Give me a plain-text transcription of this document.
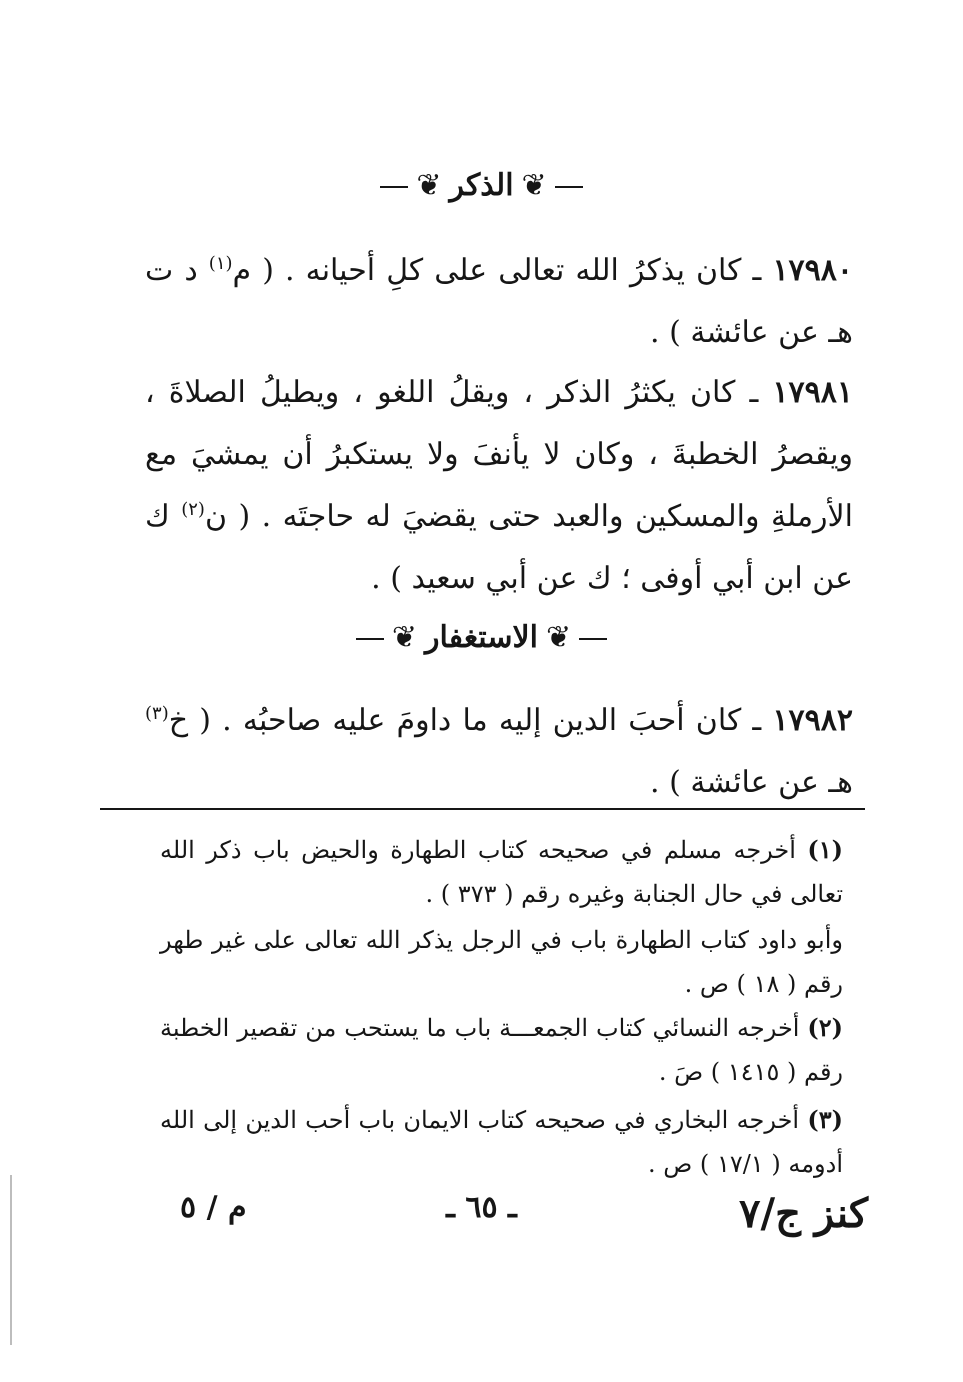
❦الذكر❦
١٧٩٨٠ ـ كان يذكرُ الله تعالى على كلِ أحيانه . ( م$^{(١)}$ د ت هـ عن عائشة ) .
١٧٩٨١ ـ كان يكثرُ الذكر ، ويقلُ اللغو ، ويطيلُ الصلاةَ ، ويقصرُ الخطبةَ ، وكان لا يأنفَ ولا يستكبرُ أن يمشيَ مع الأرملةِ والمسكين والعبد حتى يقضيَ له حاجتَه . ( ن$^{(٢)}$ ك عن ابن أبي أوفى ؛ ك عن أبي سعيد ) .
❦الاستغفار❦
١٧٩٨٢ ـ كان أحبَ الدين إليه ما داومَ عليه صاحبُه . ( خ$^{(٣)}$ هـ عن عائشة ) .
(١) أخرجه مسلم في صحيحه كتاب الطهارة والحيض باب ذكر الله تعالى في حال الجنابة وغيره رقم ( ٣٧٣ ) .
وأبو داود كتاب الطهارة باب في الرجل يذكر الله تعالى على غير طهر رقم ( ١٨ ) ص .
(٢) أخرجه النسائي كتاب الجمعـــة باب ما يستحب من تقصير الخطبة رقم ( ١٤١٥ ) صَ .
(٣) أخرجه البخاري في صحيحه كتاب الايمان باب أحب الدين إلى الله أدومه ( ١٧/١ ) ص .
كنز ج/٧
ـ ٦٥ ـ
م / ٥
